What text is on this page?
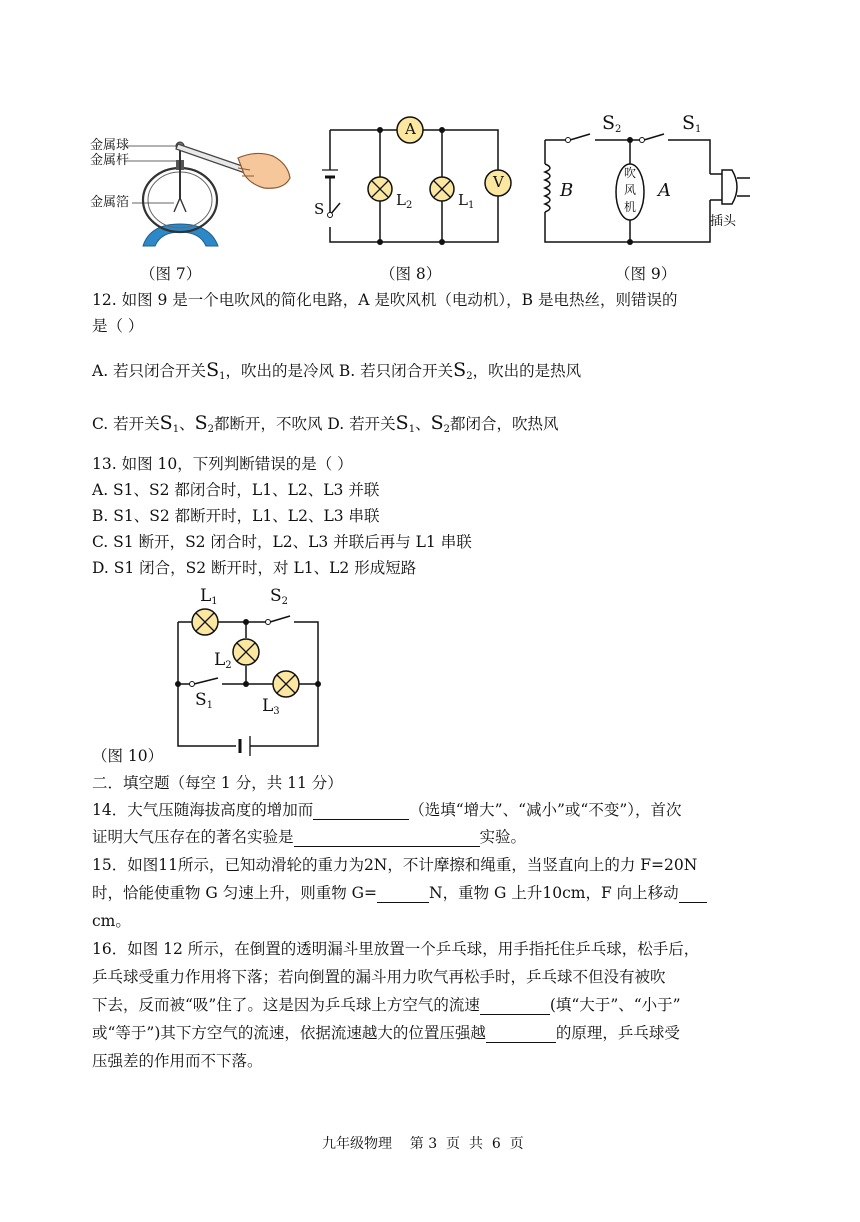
金属球
金属杆
金属箔
（图 7）
A
V
S	$L_2$	$L_1$
（图 8）
$S_2$	$S_1$
B
吹
风
机
A
插头
（图 9）
12. 如图 9 是一个电吹风的简化电路，A 是吹风机（电动机），B 是电热丝，则错误的
是（ ）
A. 若只闭合开关$S_1$，吹出的是冷风 B. 若只闭合开关$S_2$，吹出的是热风
C. 若开关$S_1$、$S_2$都断开，不吹风 D. 若开关$S_1$、$S_2$都闭合，吹热风
13. 如图 10，下列判断错误的是（ ）
A. S1、S2 都闭合时，L1、L2、L3 并联
B. S1、S2 都断开时，L1、L2、L3 串联
C. S1 断开，S2 闭合时，L2、L3 并联后再与 L1 串联
D. S1 闭合，S2 断开时，对 L1、L2 形成短路
$L_1$	$S_2$
$L_2$
$S_1$	$L_3$
（图 10）
二．填空题（每空 1 分，共 11 分）
14．大气压随海拔高度的增加而	（选填“增大”、“减小”或“不变”），首次
证明大气压存在的著名实验是	实验。
15．如图11所示，已知动滑轮的重力为2N，不计摩擦和绳重，当竖直向上的力 F=20N
时，恰能使重物 G 匀速上升，则重物 G=	N，重物 G 上升10cm，F 向上移动
cm。
16．如图 12 所示，在倒置的透明漏斗里放置一个乒乓球，用手指托住乒乓球，松手后，
乒乓球受重力作用将下落；若向倒置的漏斗用力吹气再松手时，乒乓球不但没有被吹
下去，反而被“吸”住了。这是因为乒乓球上方空气的流速	(填“大于”、“小于”
或“等于”)其下方空气的流速，依据流速越大的位置压强越	的原理，乒乓球受
压强差的作用而不下落。
九年级物理    第 3  页  共  6  页
